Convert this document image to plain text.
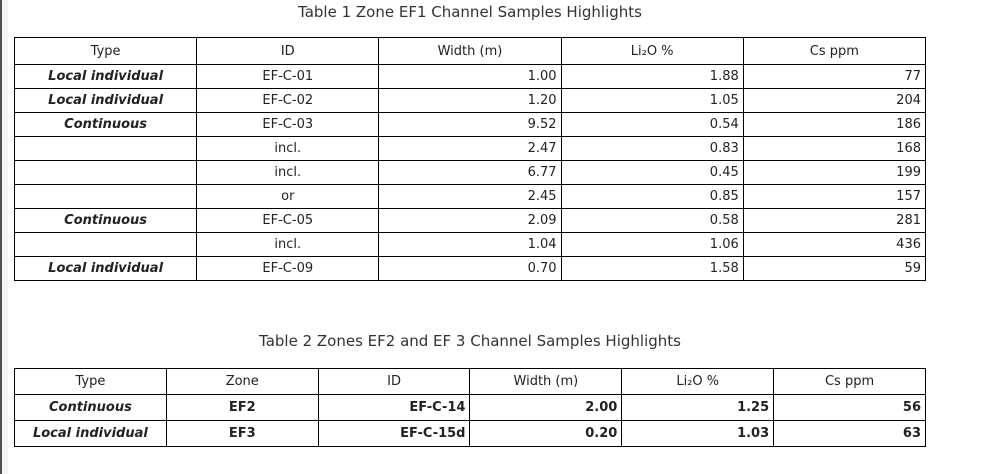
Table 1 Zone EF1 Channel Samples Highlights
Type	ID	Width (m)	Li₂O %	Cs ppm
Local individual	EF-C-01	1.00	1.88	77
Local individual	EF-C-02	1.20	1.05	204
Continuous	EF-C-03	9.52	0.54	186
	incl.	2.47	0.83	168
	incl.	6.77	0.45	199
	or	2.45	0.85	157
Continuous	EF-C-05	2.09	0.58	281
	incl.	1.04	1.06	436
Local individual	EF-C-09	0.70	1.58	59
Table 2 Zones EF2 and EF 3 Channel Samples Highlights
Type	Zone	ID	Width (m)	Li₂O %	Cs ppm
Continuous	EF2	EF-C-14	2.00	1.25	56
Local individual	EF3	EF-C-15d	0.20	1.03	63
